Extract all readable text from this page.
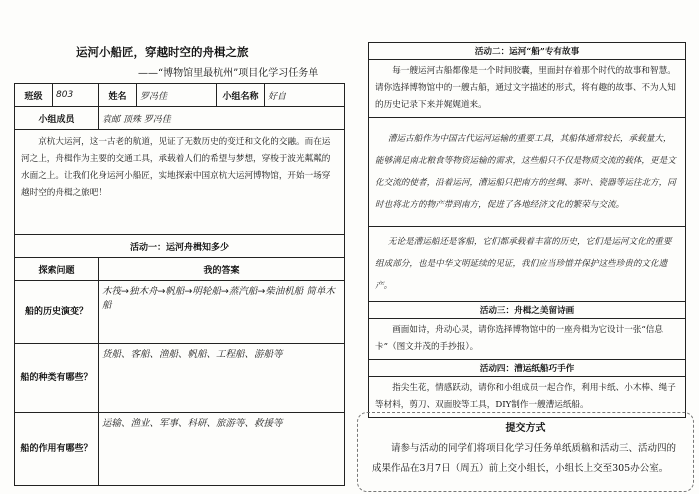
运河小船匠，穿越时空的舟楫之旅
——“博物馆里最杭州”项目化学习任务单
班级	803	姓名	罗冯佳	小组名称	好自
小组成员		袁邮 顶殊 罗冯佳			
京杭大运河，这一古老的航道，见证了无数历史的变迁和文化的交融。而在运河之上，舟楫作为主要的交通工具，承载着人们的希望与梦想，穿梭于波光粼粼的水面之上。让我们化身运河小船匠，实地探索中国京杭大运河博物馆，开始一场穿越时空的舟楫之旅吧！					
活动一：运河舟楫知多少					
探索问题		我的答案			
船的历史演变？		木筏→独木舟→帆船→明轮船→蒸汽船→柴油机船 简单木船			
船的种类有哪些？		货船、客船、渔船、帆船、工程船、游船等			
船的作用有哪些？		运输、渔业、军事、科研、旅游等、救援等			
活动二：运河“船”专有故事
每一艘运河古船都像是一个时间胶囊，里面封存着那个时代的故事和智慧。请你选择博物馆中的一艘古船，通过文字描述的形式，将有趣的故事、不为人知的历史记录下来并娓娓道来。
漕运古船作为中国古代运河运输的重要工具，其船体通常较长，承载量大，能够满足南北粮食等物资运输的需求，这些船只不仅是物质交流的载体，更是文化交流的使者，沿着运河，漕运船只把南方的丝绸、茶叶、瓷器等运往北方，同时也将北方的物产带到南方，促进了各地经济文化的繁荣与交流。
无论是漕运船还是客船，它们都承载着丰富的历史，它们是运河文化的重要组成部分，也是中华文明延续的见证，我们应当珍惜并保护这些珍贵的文化遗产。
活动三：舟楫之美留诗画
画面如诗，舟动心灵，请你选择博物馆中的一座舟楫为它设计一张“信息卡”（图文并茂的手抄报）。
活动四：漕运纸船巧手作
指尖生花，情感跃动，请你和小组成员一起合作，利用卡纸、小木棒、绳子等材料，剪刀、双面胶等工具，DIY制作一艘漕运纸船。
提交方式
请参与活动的同学们将项目化学习任务单纸质稿和活动三、活动四的成果作品在3月7日（周五）前上交小组长，小组长上交至305办公室。
